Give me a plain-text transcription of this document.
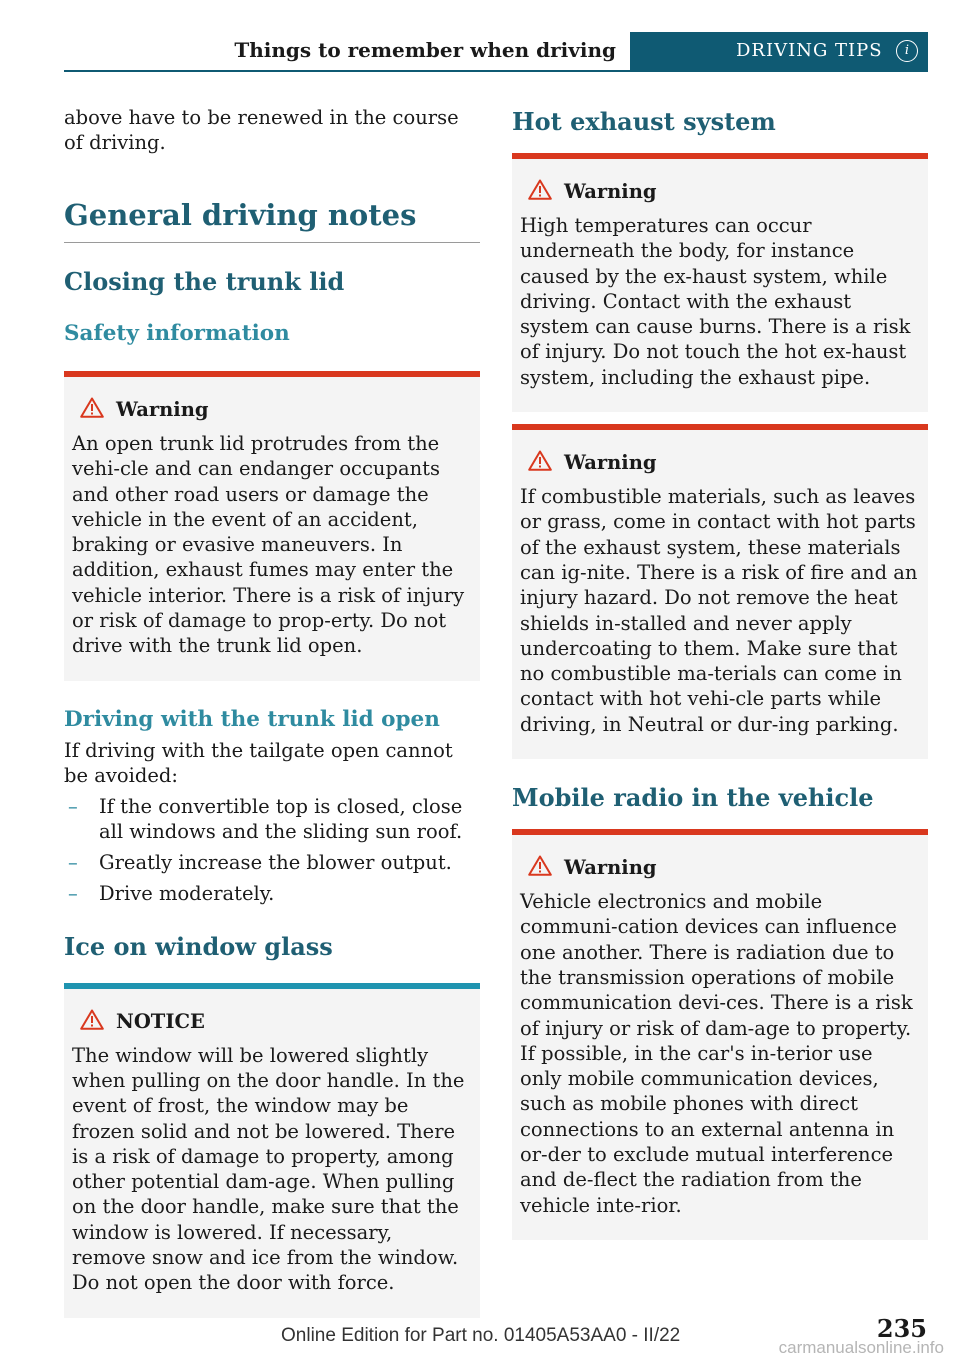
Things to remember when driving	DRIVING TIPS	i

above have to be renewed in the course of driving.

General driving notes
Closing the trunk lid
Safety information
Warning
An open trunk lid protrudes from the vehi-cle and can endanger occupants and other road users or damage the vehicle in the event of an accident, braking or evasive maneuvers. In addition, exhaust fumes may enter the vehicle interior. There is a risk of injury or risk of damage to prop-erty. Do not drive with the trunk lid open.
Driving with the trunk lid open

If driving with the tailgate open cannot be avoided:

– If the convertible top is closed, close all windows and the sliding sun roof.
– Greatly increase the blower output.
– Drive moderately.
Ice on window glass
NOTICE
The window will be lowered slightly when pulling on the door handle. In the event of frost, the window may be frozen solid and not be lowered. There is a risk of damage to property, among other potential dam-age. When pulling on the door handle, make sure that the window is lowered. If necessary, remove snow and ice from the window. Do not open the door with force.
Hot exhaust system
Warning
High temperatures can occur underneath the body, for instance caused by the ex-haust system, while driving. Contact with the exhaust system can cause burns. There is a risk of injury. Do not touch the hot ex-haust system, including the exhaust pipe.
Warning
If combustible materials, such as leaves or grass, come in contact with hot parts of the exhaust system, these materials can ig-nite. There is a risk of fire and an injury hazard. Do not remove the heat shields in-stalled and never apply undercoating to them. Make sure that no combustible ma-terials can come in contact with hot vehi-cle parts while driving, in Neutral or dur-ing parking.
Mobile radio in the vehicle
Warning
Vehicle electronics and mobile communi-cation devices can influence one another. There is radiation due to the transmission operations of mobile communication devi-ces. There is a risk of injury or risk of dam-age to property. If possible, in the car's in-terior use only mobile communication devices, such as mobile phones with direct connections to an external antenna in or-der to exclude mutual interference and de-flect the radiation from the vehicle inte-rior.
235
Online Edition for Part no. 01405A53AA0 - II/22
carmanualsonline.info
